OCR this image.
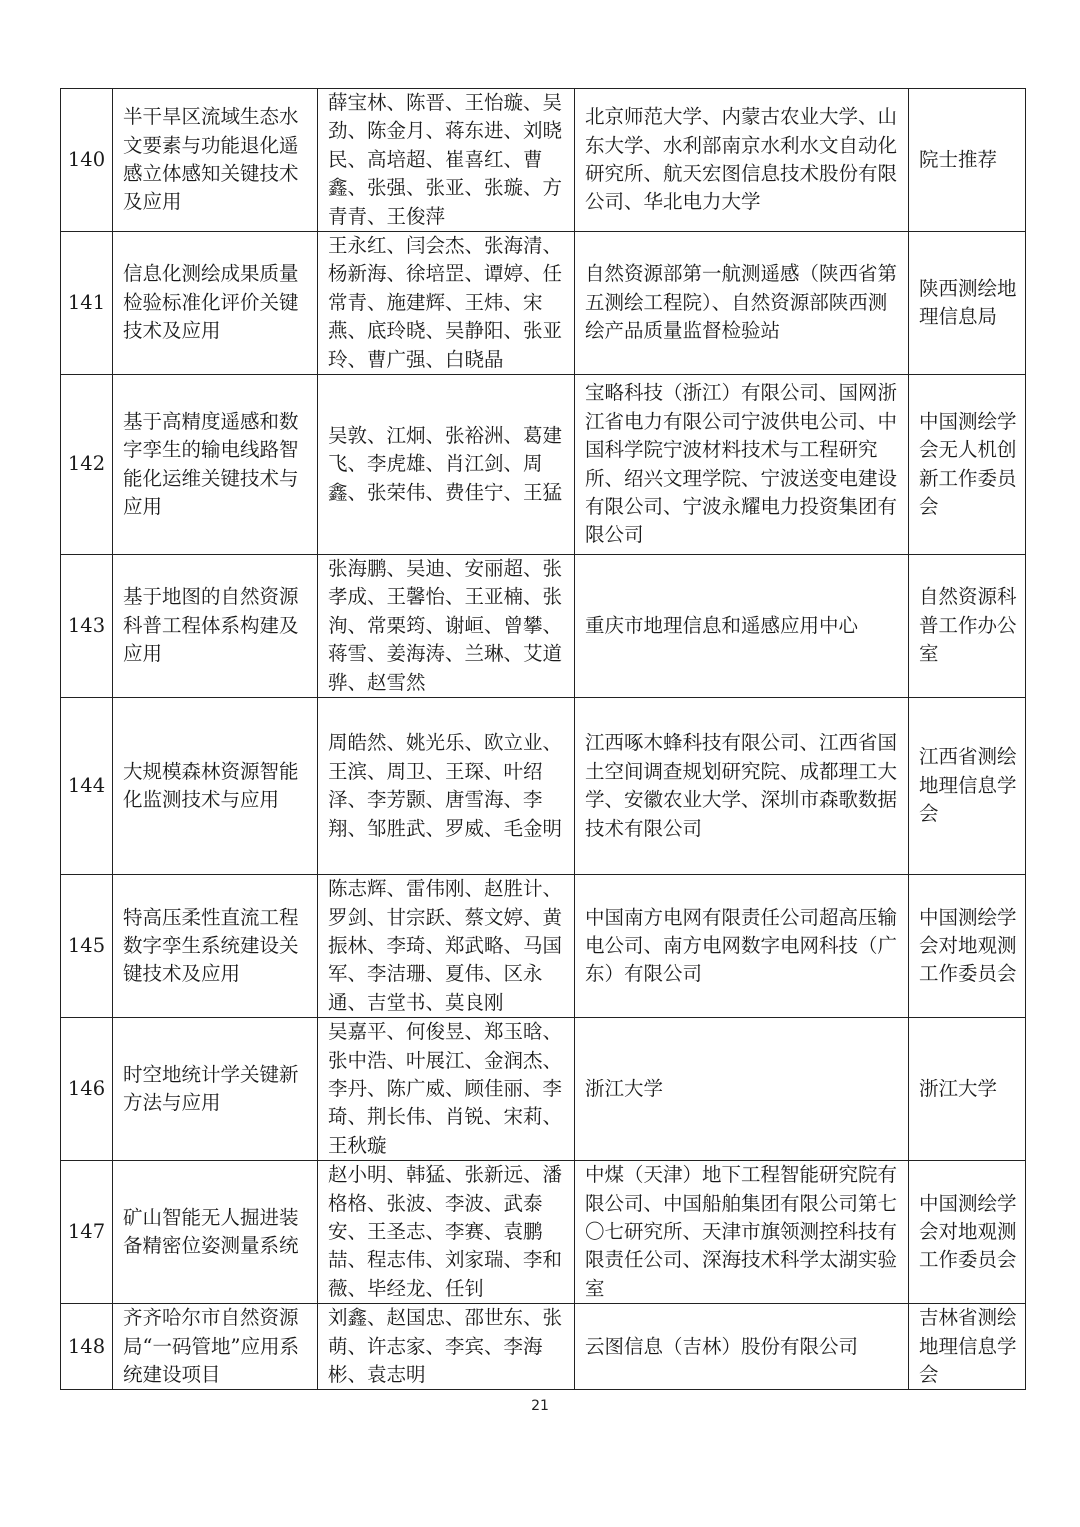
140	半干旱区流域生态水文要素与功能退化遥感立体感知关键技术及应用	薛宝林、陈晋、王怡璇、吴劲、陈金月、蒋东进、刘晓民、高培超、崔喜红、曹鑫、张强、张亚、张璇、方青青、王俊萍	北京师范大学、内蒙古农业大学、山东大学、水利部南京水利水文自动化研究所、航天宏图信息技术股份有限公司、华北电力大学	院士推荐
141	信息化测绘成果质量检验标准化评价关键技术及应用	王永红、闫会杰、张海清、杨新海、徐培罡、谭婷、任常青、施建辉、王炜、宋燕、底玲晓、吴静阳、张亚玲、曹广强、白晓晶	自然资源部第一航测遥感（陕西省第五测绘工程院）、自然资源部陕西测绘产品质量监督检验站	陕西测绘地理信息局
142	基于高精度遥感和数字孪生的输电线路智能化运维关键技术与应用	吴敦、江炯、张裕洲、葛建飞、李虎雄、肖江剑、周鑫、张荣伟、费佳宁、王猛	宝略科技（浙江）有限公司、国网浙江省电力有限公司宁波供电公司、中国科学院宁波材料技术与工程研究所、绍兴文理学院、宁波送变电建设有限公司、宁波永耀电力投资集团有限公司	中国测绘学会无人机创新工作委员会
143	基于地图的自然资源科普工程体系构建及应用	张海鹏、吴迪、安丽超、张孝成、王馨怡、王亚楠、张洵、常栗筠、谢峘、曾攀、蒋雪、姜海涛、兰琳、艾道骅、赵雪然	重庆市地理信息和遥感应用中心	自然资源科普工作办公室
144	大规模森林资源智能化监测技术与应用	周皓然、姚光乐、欧立业、王滨、周卫、王琛、叶绍泽、李芳颢、唐雪海、李翔、邹胜武、罗威、毛金明	江西啄木蜂科技有限公司、江西省国土空间调查规划研究院、成都理工大学、安徽农业大学、深圳市森歌数据技术有限公司	江西省测绘地理信息学会
145	特高压柔性直流工程数字孪生系统建设关键技术及应用	陈志辉、雷伟刚、赵胜计、罗剑、甘宗跃、蔡文婷、黄振林、李琦、郑武略、马国军、李洁珊、夏伟、区永通、吉堂书、莫良刚	中国南方电网有限责任公司超高压输电公司、南方电网数字电网科技（广东）有限公司	中国测绘学会对地观测工作委员会
146	时空地统计学关键新方法与应用	吴嘉平、何俊昱、郑玉晗、张中浩、叶展江、金润杰、李丹、陈广威、顾佳丽、李琦、荆长伟、肖锐、宋莉、王秋璇	浙江大学	浙江大学
147	矿山智能无人掘进装备精密位姿测量系统	赵小明、韩猛、张新远、潘格格、张波、李波、武泰安、王圣志、李赛、袁鹏喆、程志伟、刘家瑞、李和薇、毕经龙、任钊	中煤（天津）地下工程智能研究院有限公司、中国船舶集团有限公司第七〇七研究所、天津市旗领测控科技有限责任公司、深海技术科学太湖实验室	中国测绘学会对地观测工作委员会
148	齐齐哈尔市自然资源局“一码管地”应用系统建设项目	刘鑫、赵国忠、邵世东、张萌、许志家、李宾、李海彬、袁志明	云图信息（吉林）股份有限公司	吉林省测绘地理信息学会
21
